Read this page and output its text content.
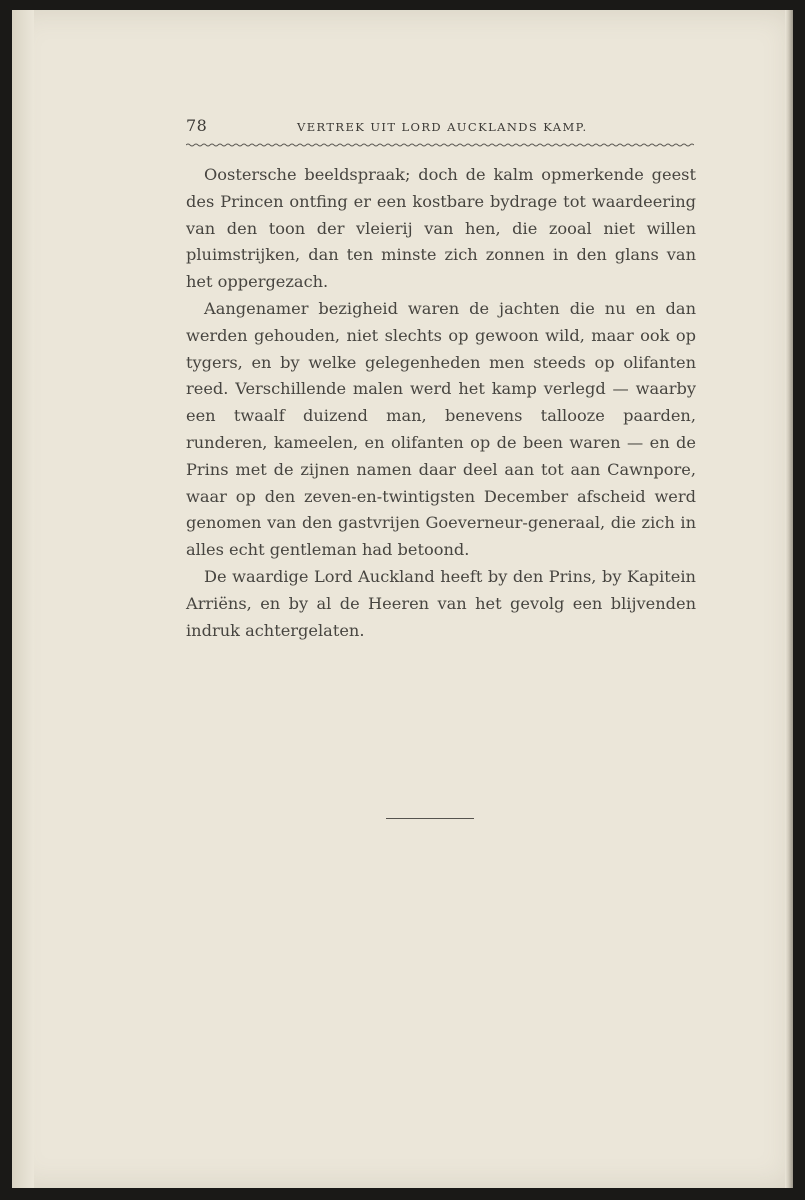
78	VERTREK UIT LORD AUCKLANDS KAMP.

Oostersche beeldspraak; doch de kalm opmerkende geest des Princen ontfing er een kostbare bydrage tot waardeering van den toon der vleierij van hen, die zooal niet willen pluimstrijken, dan ten minste zich zonnen in den glans van het oppergezach.

Aangenamer bezigheid waren de jachten die nu en dan werden gehouden, niet slechts op gewoon wild, maar ook op tygers, en by welke gelegenheden men steeds op olifanten reed. Verschillende malen werd het kamp verlegd — waarby een twaalf duizend man, benevens tallooze paarden, runderen, kameelen, en olifanten op de been waren — en de Prins met de zijnen namen daar deel aan tot aan Cawnpore, waar op den zeven-en-twintigsten December afscheid werd genomen van den gastvrijen Goeverneur-generaal, die zich in alles echt gentleman had betoond.

De waardige Lord Auckland heeft by den Prins, by Kapitein Arriëns, en by al de Heeren van het gevolg een blijvenden indruk achtergelaten.
